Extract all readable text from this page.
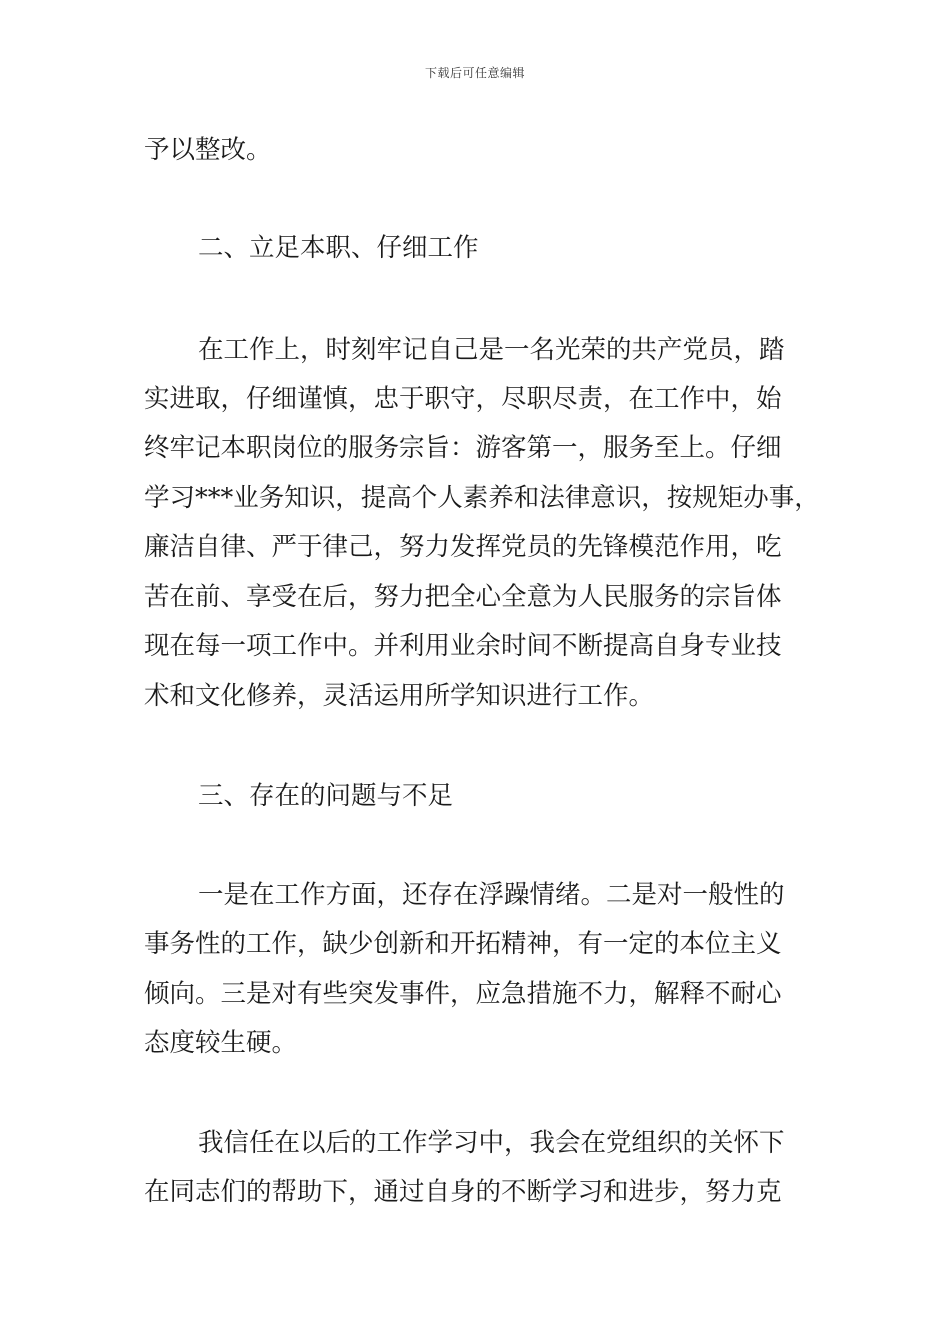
下载后可任意编辑
予以整改。
二、立足本职、仔细工作
在工作上，时刻牢记自己是一名光荣的共产党员，踏
实进取，仔细谨慎，忠于职守，尽职尽责，在工作中，始
终牢记本职岗位的服务宗旨：游客第一，服务至上。仔细
学习***业务知识，提高个人素养和法律意识，按规矩办事，
廉洁自律、严于律己，努力发挥党员的先锋模范作用，吃
苦在前、享受在后，努力把全心全意为人民服务的宗旨体
现在每一项工作中。并利用业余时间不断提高自身专业技
术和文化修养，灵活运用所学知识进行工作。
三、存在的问题与不足
一是在工作方面，还存在浮躁情绪。二是对一般性的
事务性的工作，缺少创新和开拓精神，有一定的本位主义
倾向。三是对有些突发事件，应急措施不力，解释不耐心
态度较生硬。
我信任在以后的工作学习中，我会在党组织的关怀下
在同志们的帮助下，通过自身的不断学习和进步，努力克
